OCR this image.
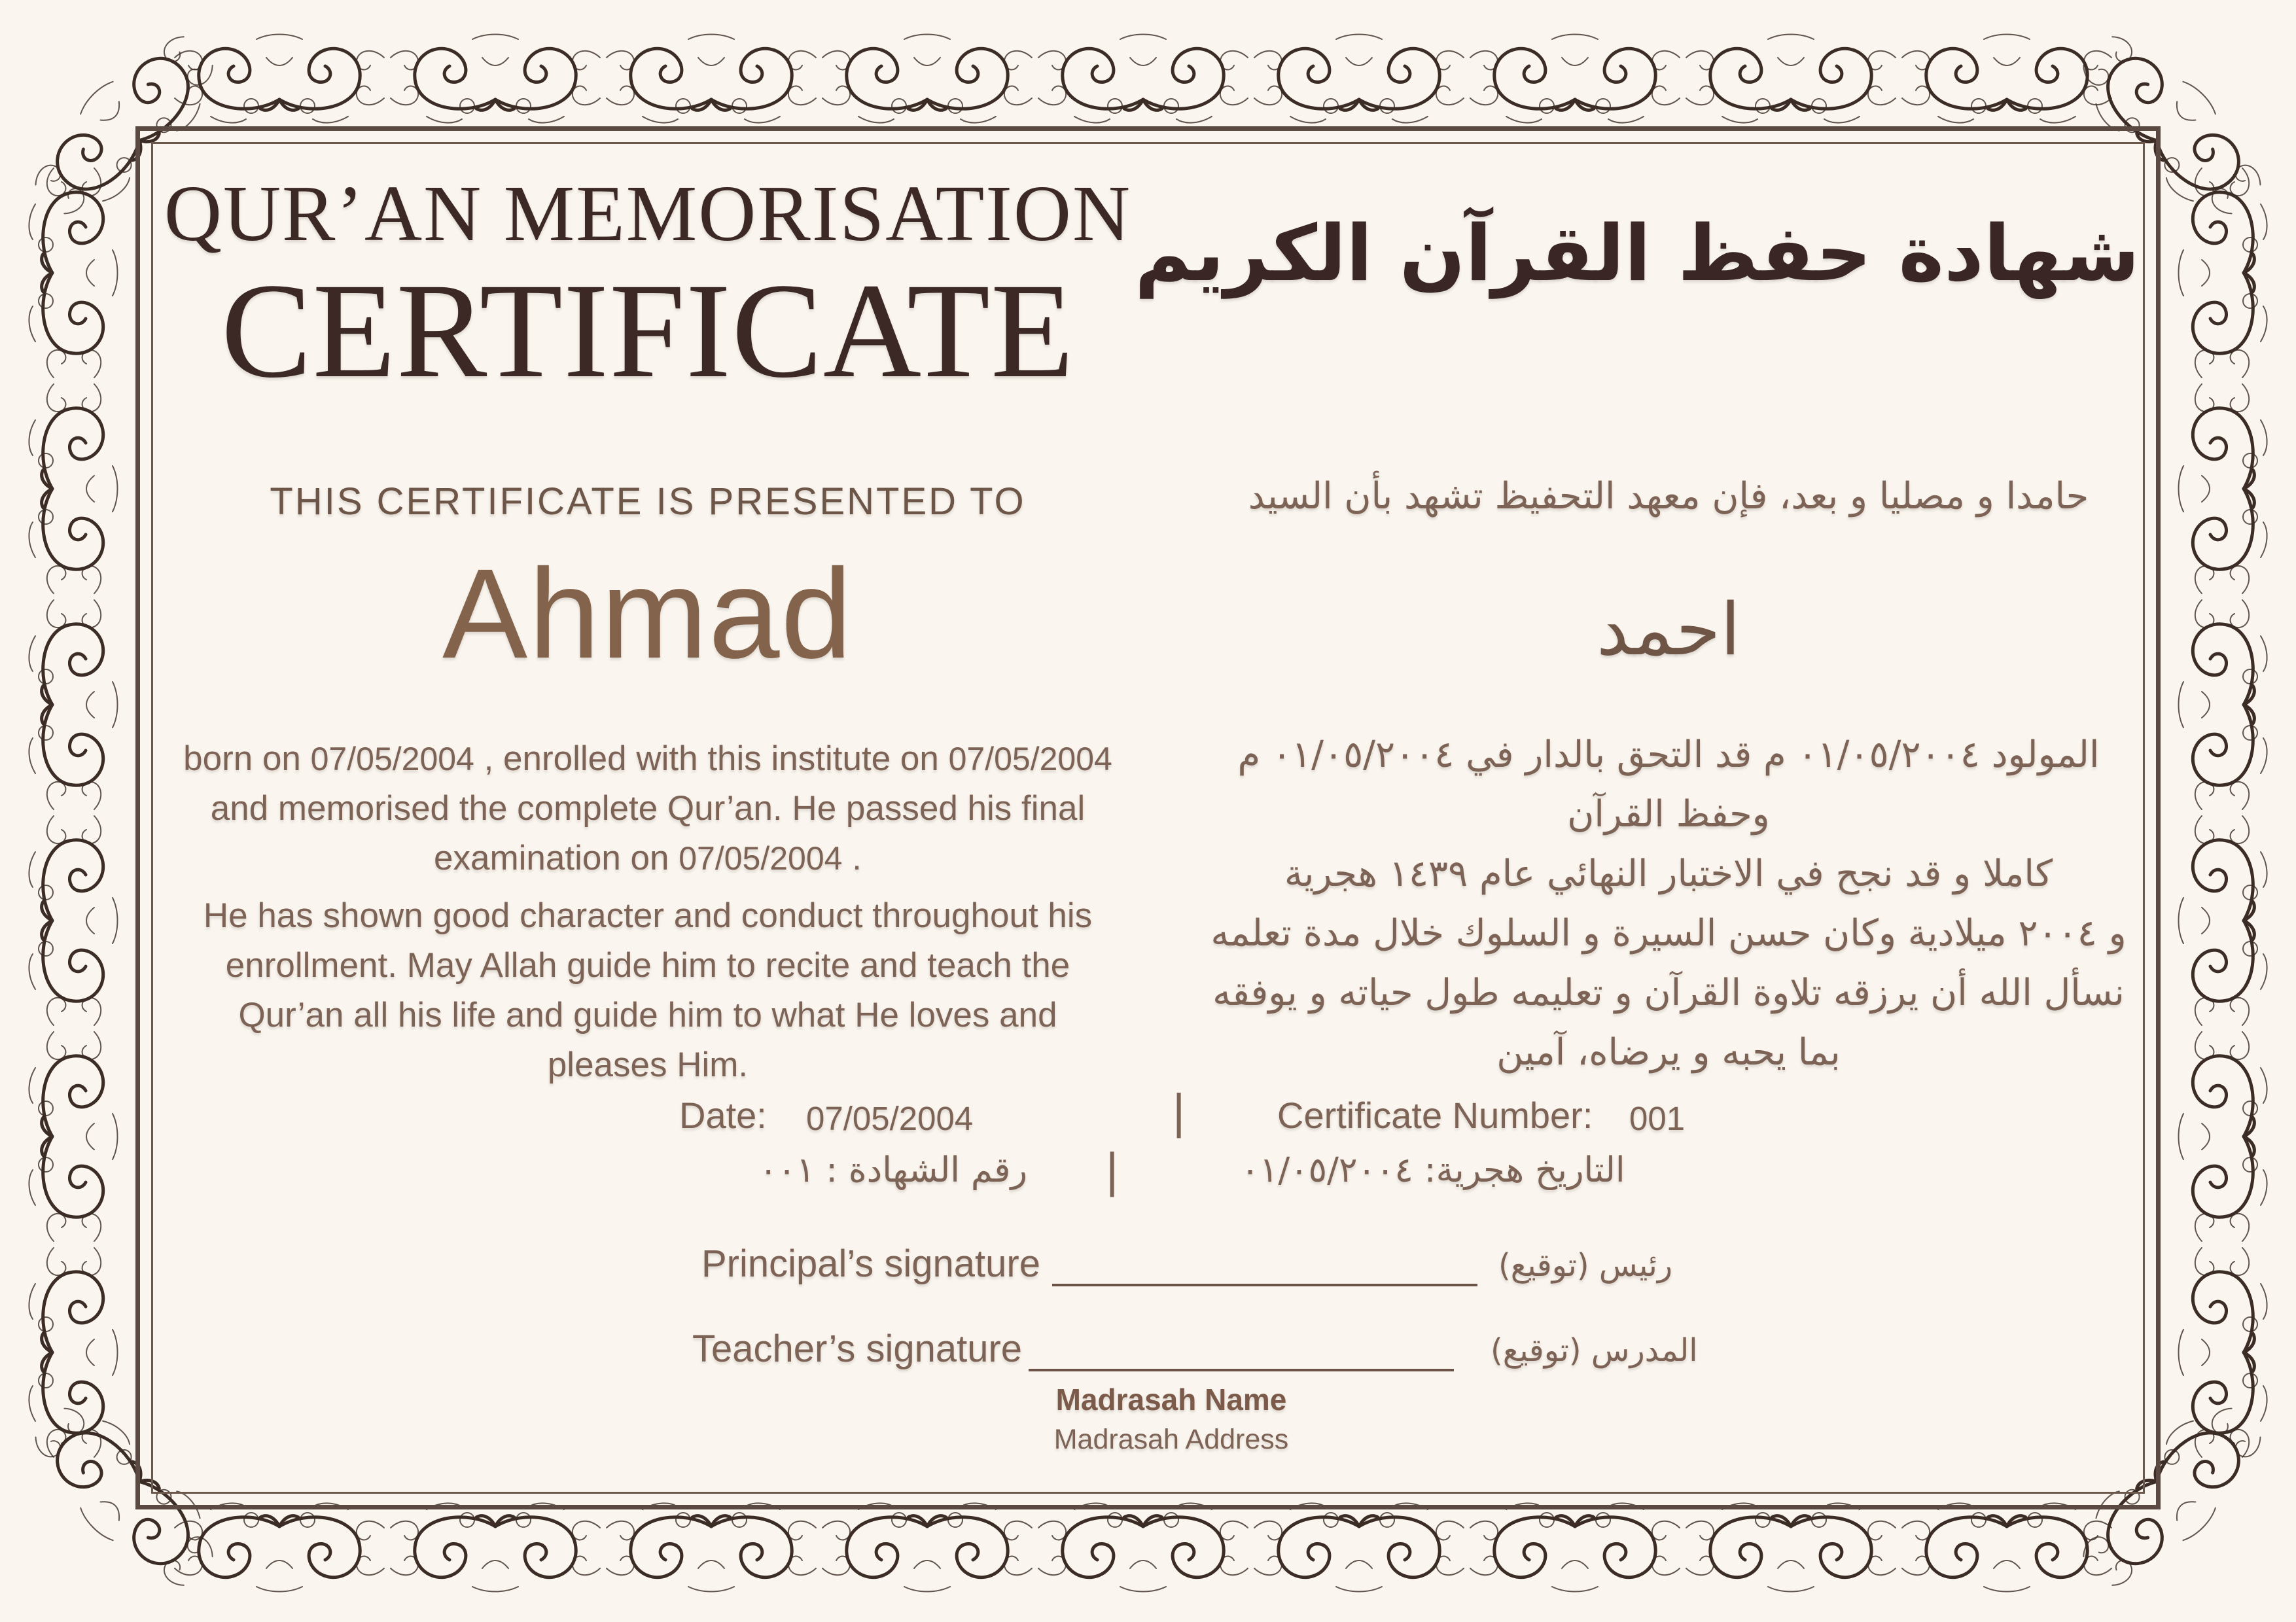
QUR’AN MEMORISATION
CERTIFICATE
شهادة حفظ القرآن الكريم
THIS CERTIFICATE IS PRESENTED TO
Ahmad
حامدا و مصليا و بعد، فإن معهد التحفيظ تشهد بأن السيد
احمد

born on 07/05/2004 , enrolled with this institute on 07/05/2004 and memorised the complete Qur’an. He passed his final examination on 07/05/2004 .

He has shown good character and conduct throughout his enrollment. May Allah guide him to recite and teach the Qur’an all his life and guide him to what He loves and pleases Him.

المولود ٠١/٠٥/٢٠٠٤ م قد التحق بالدار في ٠١/٠٥/٢٠٠٤ م وحفظ القرآن
كاملا و قد نجح في الاختبار النهائي عام ١٤٣٩ هجرية
و ٢٠٠٤ ميلادية وكان حسن السيرة و السلوك خلال مدة تعلمه
نسأل الله أن يرزقه تلاوة القرآن و تعليمه طول حياته و يوفقه
بما يحبه و يرضاه، آمين
Date: 07/05/2004	|	Certificate Number: 001
رقم الشهادة : ٠٠١	|	التاريخ هجرية: ٠١/٠٥/٢٠٠٤
Principal’s signature	رئيس (توقيع)
Teacher’s signature	المدرس (توقيع)
Madrasah Name
Madrasah Address
